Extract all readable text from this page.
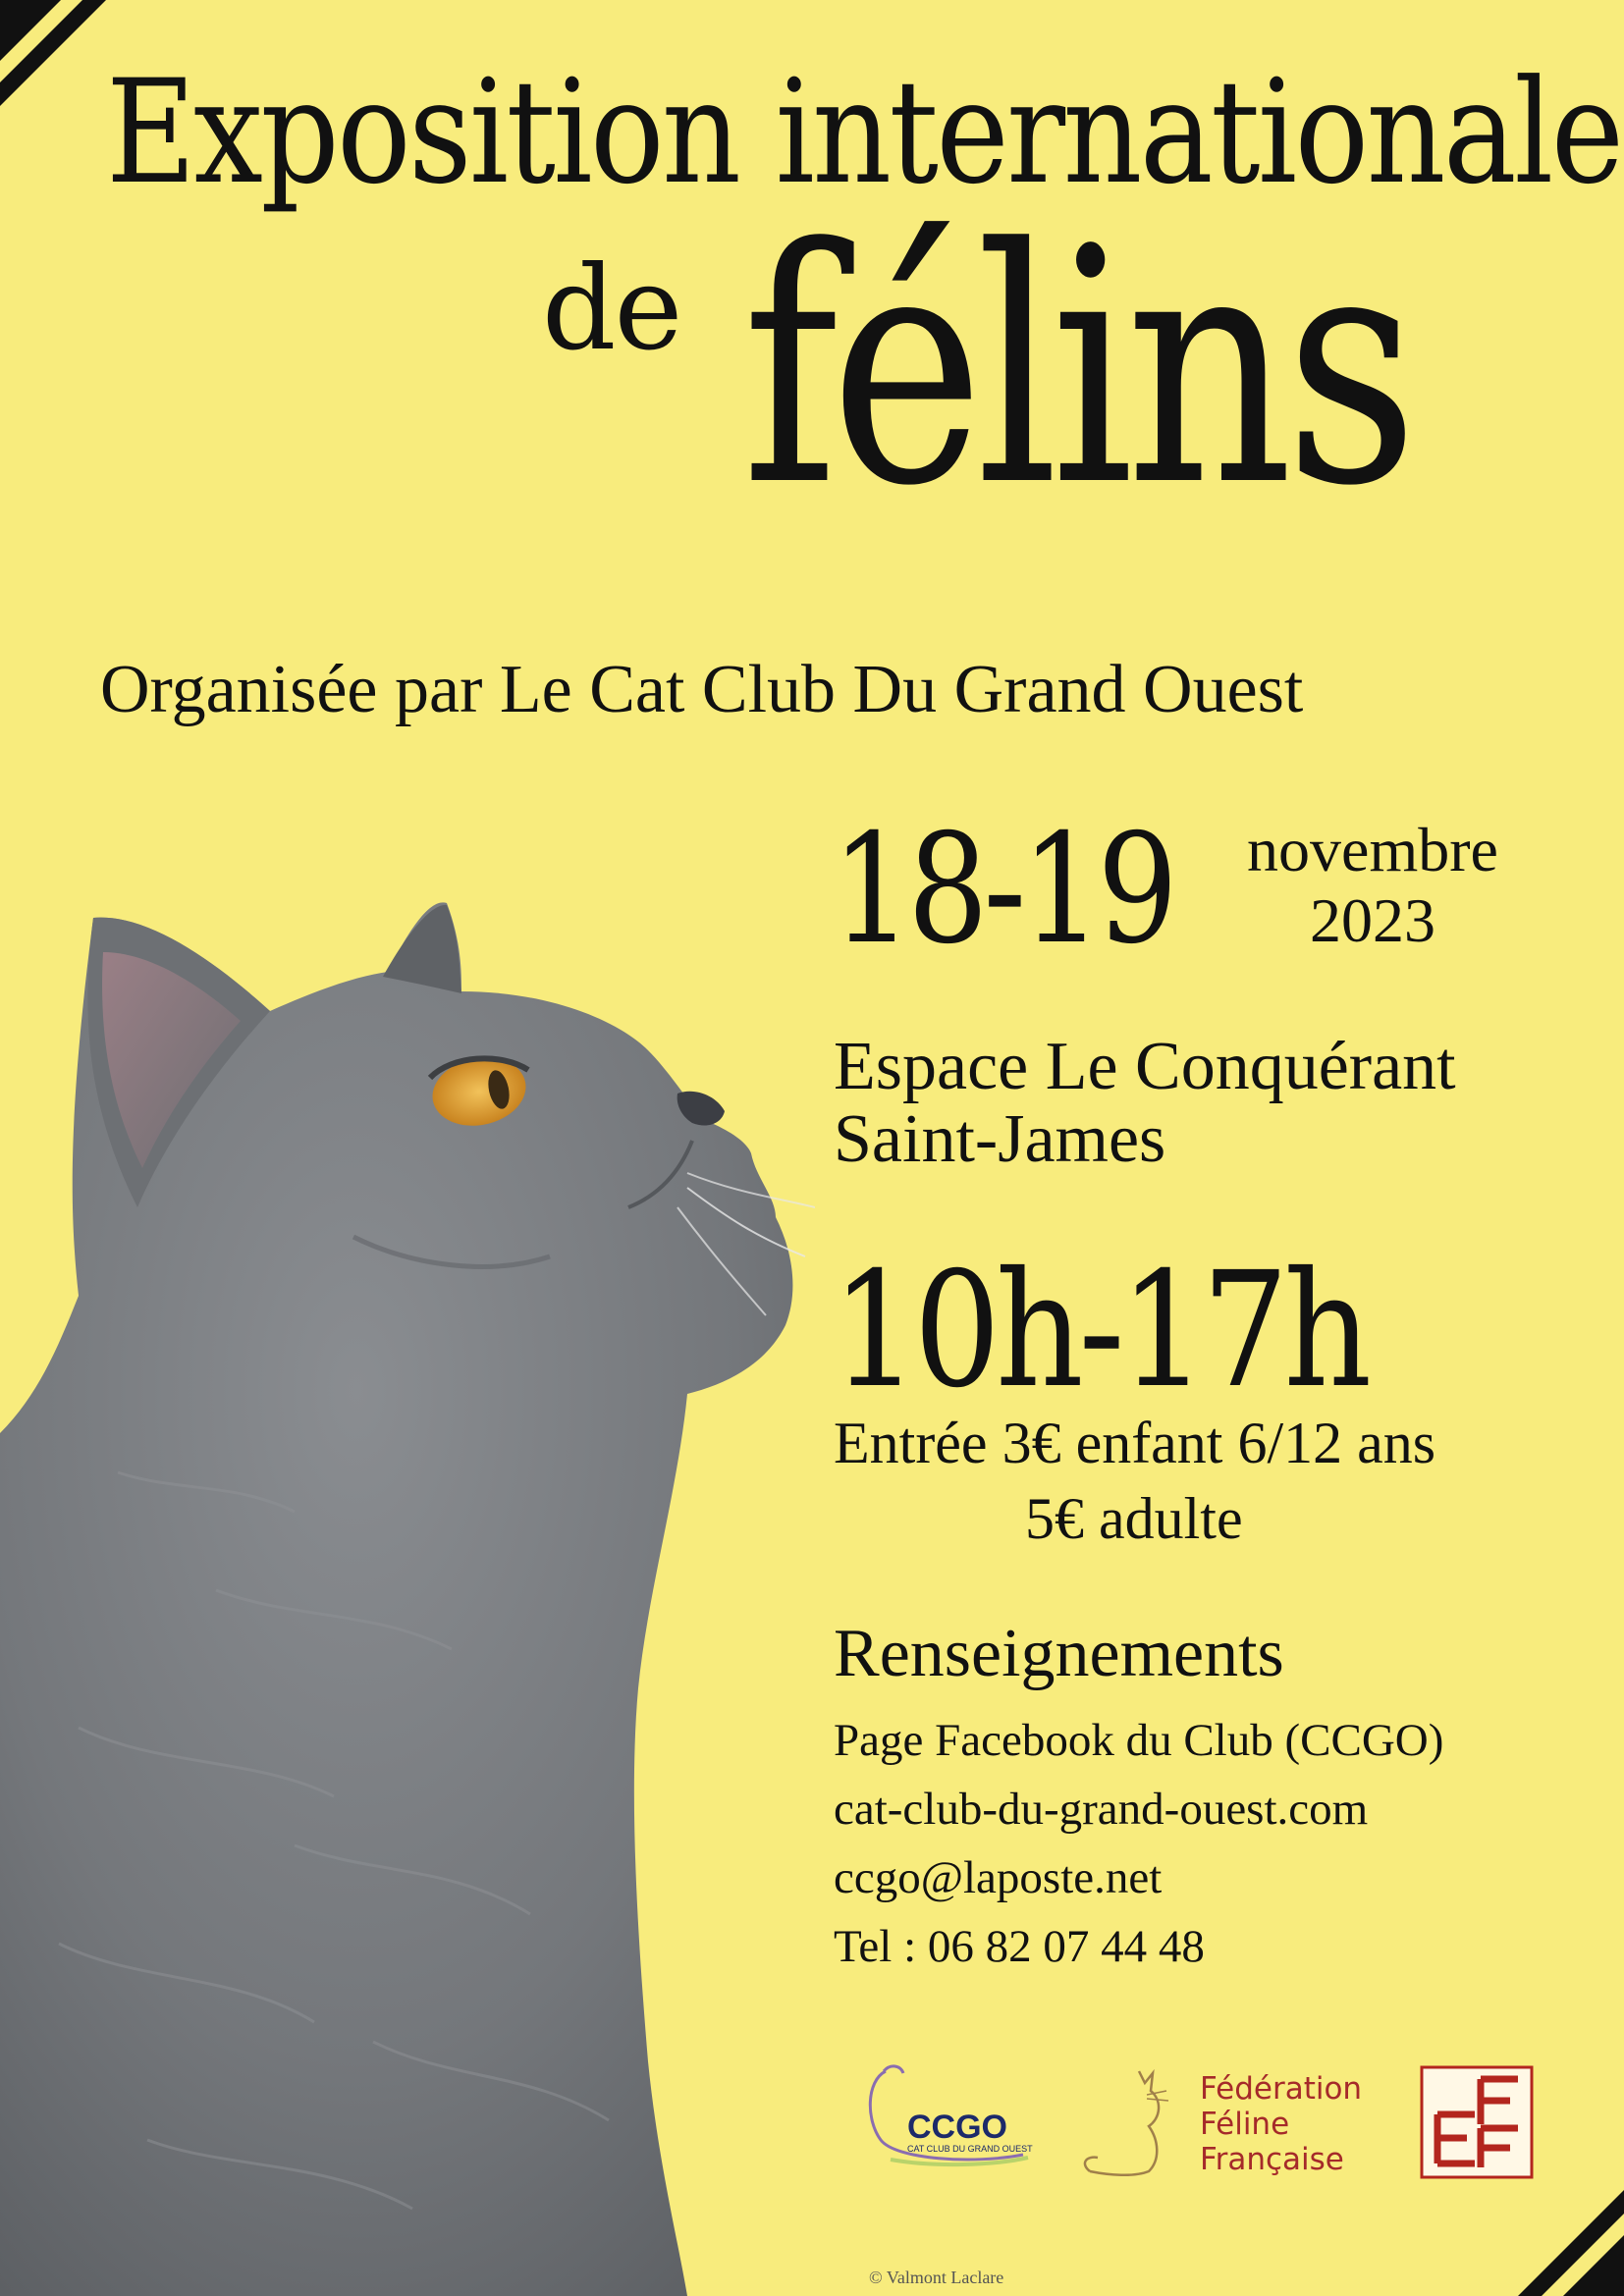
Exposition internationale
de félins
Organisée par Le Cat Club Du Grand Ouest
18-19	novembre
2023
Espace Le Conquérant
Saint-James
10h-17h
Entrée 3€ enfant 6/12 ans
5€ adulte
Renseignements
Page Facebook du Club (CCGO)
cat-club-du-grand-ouest.com
ccgo@laposte.net
Tel : 06 82 07 44 48
CCGO
CAT CLUB DU GRAND OUEST
Fédération
Féline
Française
© Valmont Laclare
